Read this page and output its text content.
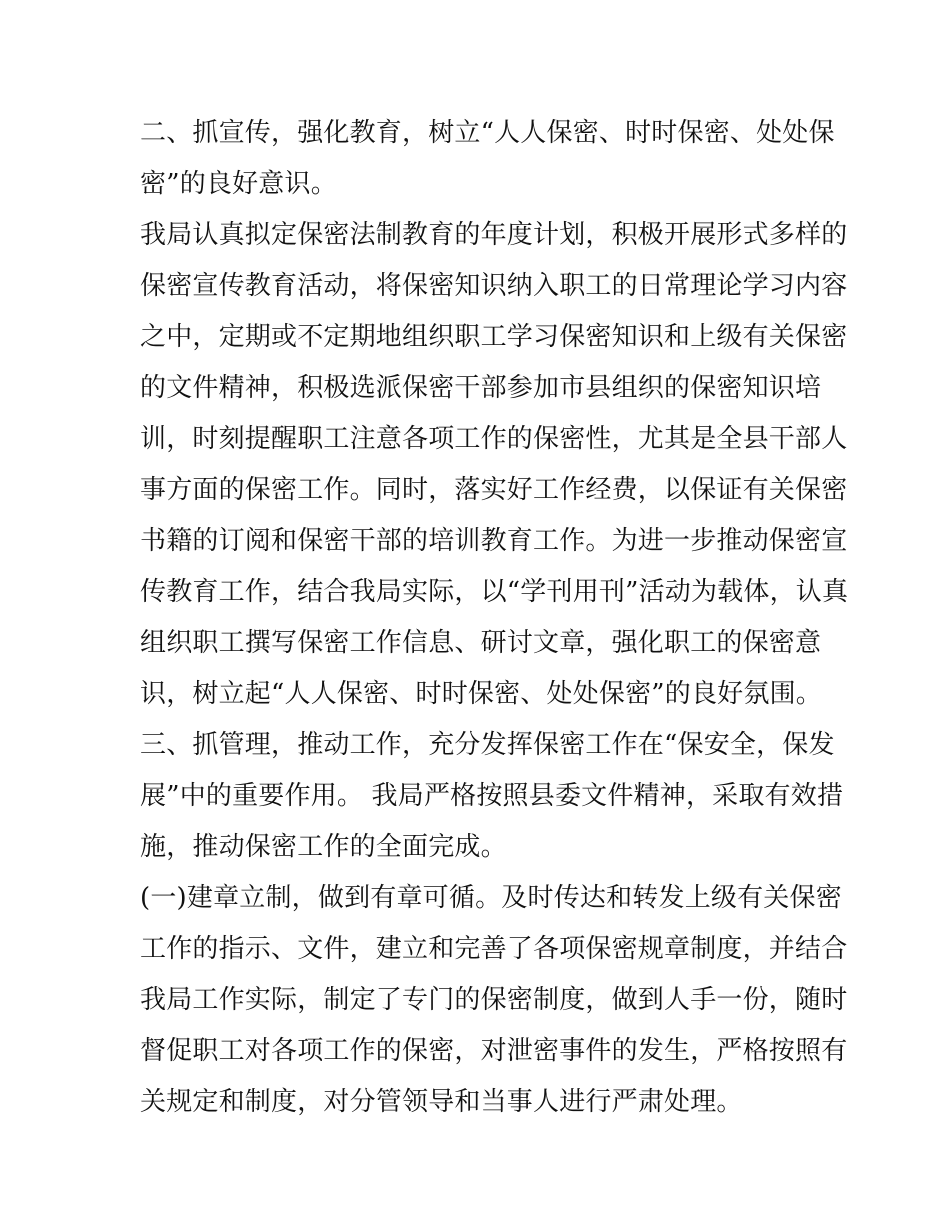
二、抓宣传，强化教育，树立“人人保密、时时保密、处处保
密”的良好意识。
我局认真拟定保密法制教育的年度计划，积极开展形式多样的
保密宣传教育活动，将保密知识纳入职工的日常理论学习内容
之中，定期或不定期地组织职工学习保密知识和上级有关保密
的文件精神，积极选派保密干部参加市县组织的保密知识培
训，时刻提醒职工注意各项工作的保密性，尤其是全县干部人
事方面的保密工作。同时，落实好工作经费，以保证有关保密
书籍的订阅和保密干部的培训教育工作。为进一步推动保密宣
传教育工作，结合我局实际，以“学刊用刊”活动为载体，认真
组织职工撰写保密工作信息、研讨文章，强化职工的保密意
识，树立起“人人保密、时时保密、处处保密”的良好氛围。
三、抓管理，推动工作，充分发挥保密工作在“保安全，保发
展”中的重要作用。 我局严格按照县委文件精神，采取有效措
施，推动保密工作的全面完成。
(一)建章立制，做到有章可循。及时传达和转发上级有关保密
工作的指示、文件，建立和完善了各项保密规章制度，并结合
我局工作实际，制定了专门的保密制度，做到人手一份，随时
督促职工对各项工作的保密，对泄密事件的发生，严格按照有
关规定和制度，对分管领导和当事人进行严肃处理。
